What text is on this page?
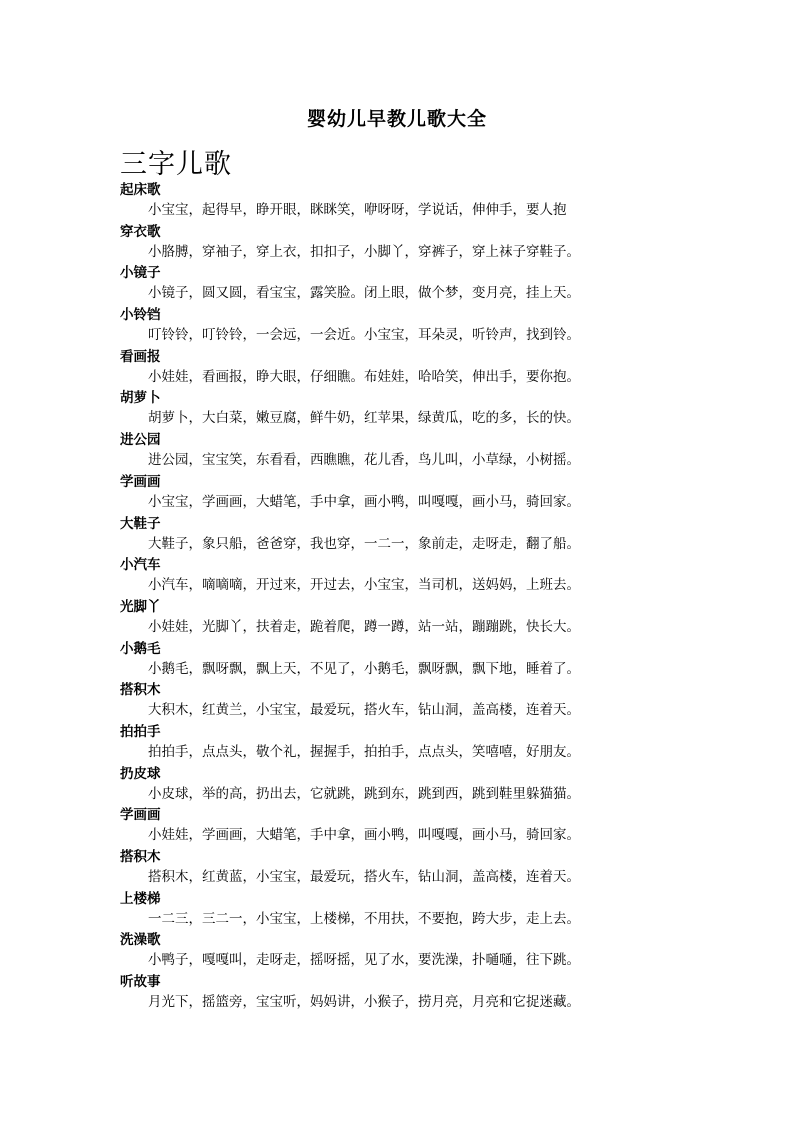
婴幼儿早教儿歌大全
三字儿歌
起床歌
小宝宝，起得早，睁开眼，眯眯笑，咿呀呀，学说话，伸伸手，要人抱
穿衣歌
小胳膊，穿袖子，穿上衣，扣扣子，小脚丫，穿裤子，穿上袜子穿鞋子。
小镜子
小镜子，圆又圆，看宝宝，露笑脸。闭上眼，做个梦，变月亮，挂上天。
小铃铛
叮铃铃，叮铃铃，一会远，一会近。小宝宝，耳朵灵，听铃声，找到铃。
看画报
小娃娃，看画报，睁大眼，仔细瞧。布娃娃，哈哈笑，伸出手，要你抱。
胡萝卜
胡萝卜，大白菜，嫩豆腐，鲜牛奶，红苹果，绿黄瓜，吃的多，长的快。
进公园
进公园，宝宝笑，东看看，西瞧瞧，花儿香，鸟儿叫，小草绿，小树摇。
学画画
小宝宝，学画画，大蜡笔，手中拿，画小鸭，叫嘎嘎，画小马，骑回家。
大鞋子
大鞋子，象只船，爸爸穿，我也穿，一二一，象前走，走呀走，翻了船。
小汽车
小汽车，嘀嘀嘀，开过来，开过去，小宝宝，当司机，送妈妈，上班去。
光脚丫
小娃娃，光脚丫，扶着走，跪着爬，蹲一蹲，站一站，蹦蹦跳，快长大。
小鹅毛
小鹅毛，飘呀飘，飘上天，不见了，小鹅毛，飘呀飘，飘下地，睡着了。
搭积木
大积木，红黄兰，小宝宝，最爱玩，搭火车，钻山洞，盖高楼，连着天。
拍拍手
拍拍手，点点头，敬个礼，握握手，拍拍手，点点头，笑嘻嘻，好朋友。
扔皮球
小皮球，举的高，扔出去，它就跳，跳到东，跳到西，跳到鞋里躲猫猫。
学画画
小娃娃，学画画，大蜡笔，手中拿，画小鸭，叫嘎嘎，画小马，骑回家。
搭积木
搭积木，红黄蓝，小宝宝，最爱玩，搭火车，钻山洞，盖高楼，连着天。
上楼梯
一二三，三二一，小宝宝，上楼梯，不用扶，不要抱，跨大步，走上去。
洗澡歌
小鸭子，嘎嘎叫，走呀走，摇呀摇，见了水，要洗澡，扑嗵嗵，往下跳。
听故事
月光下，摇篮旁，宝宝听，妈妈讲，小猴子，捞月亮，月亮和它捉迷藏。
